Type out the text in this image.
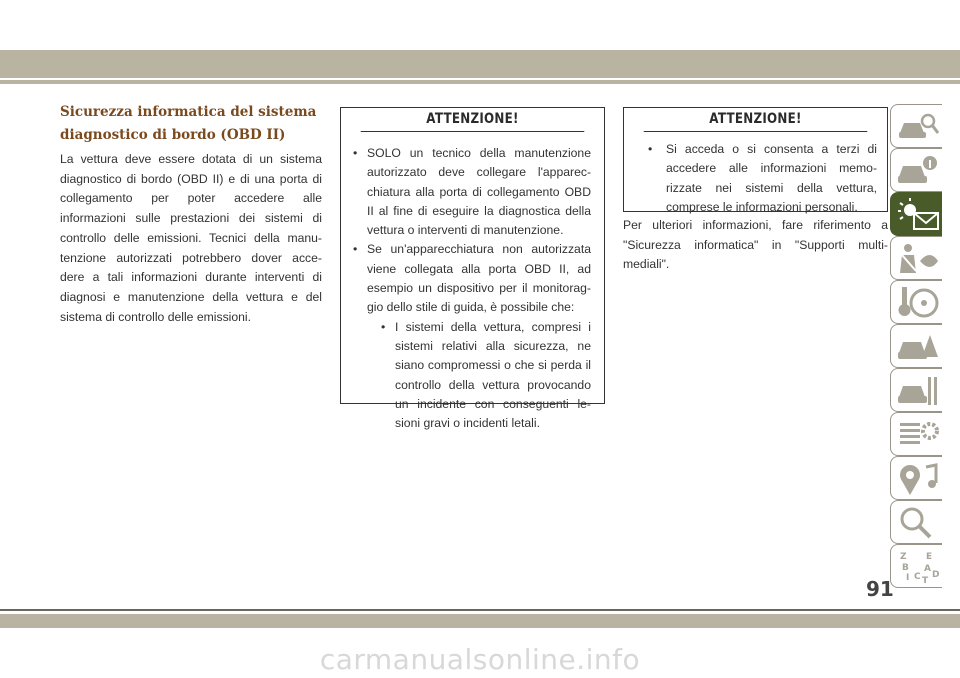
Sicurezza informatica del sistema
diagnostico di bordo (OBD II)

La vettura deve essere dotata di un sistema diagnostico di bordo (OBD II) e di una porta di collegamento per poter accedere alle informazioni sulle prestazioni dei sistemi di controllo delle emissioni. Tecnici della manu- tenzione autorizzati potrebbero dover acce- dere a tali informazioni durante interventi di diagnosi e manutenzione della vettura e del sistema di controllo delle emissioni.

ATTENZIONE!
• SOLO un tecnico della manutenzione autorizzato deve collegare l'apparec- chiatura alla porta di collegamento OBD II al fine di eseguire la diagnostica della vettura o interventi di manutenzione.
• Se un'apparecchiatura non autorizzata viene collegata alla porta OBD II, ad esempio un dispositivo per il monitorag- gio dello stile di guida, è possibile che:
• I sistemi della vettura, compresi i sistemi relativi alla sicurezza, ne siano compromessi o che si perda il controllo della vettura provocando un incidente con conseguenti le- sioni gravi o incidenti letali.
ATTENZIONE!
• Si acceda o si consenta a terzi di accedere alle informazioni memo- rizzate nei sistemi della vettura, comprese le informazioni personali.

Per ulteriori informazioni, fare riferimento a "Sicurezza informatica" in "Supporti multi- mediali".

Z E
B A
C D
I T
91
carmanualsonline.info
